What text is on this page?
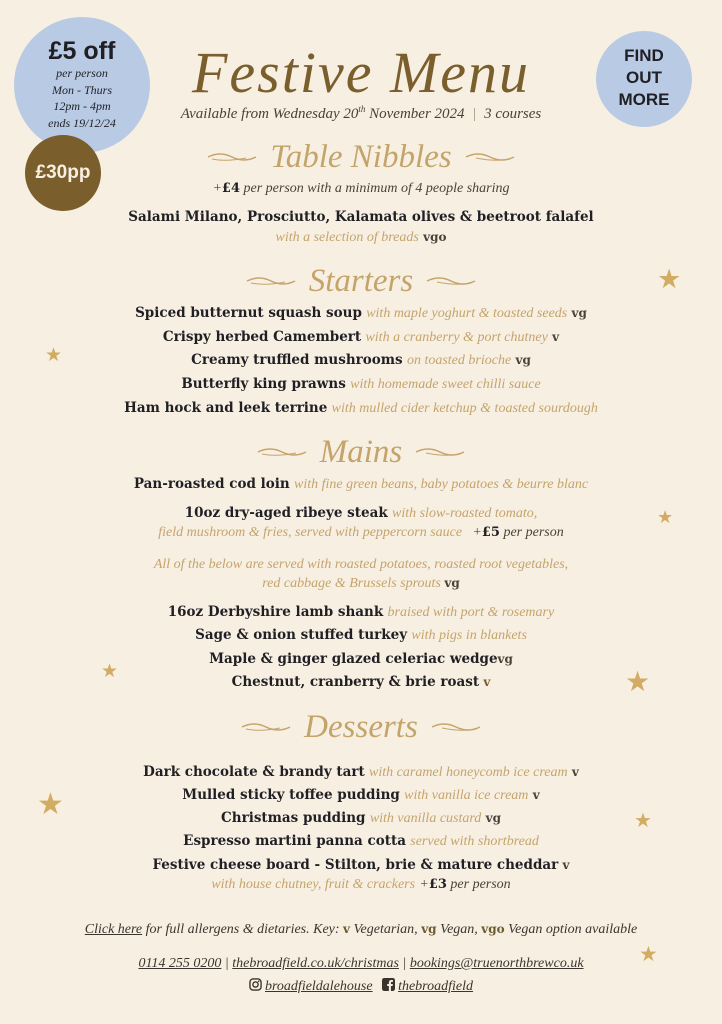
£5 off
per person
Mon - Thurs
12pm - 4pm
ends 19/12/24
£30pp
FIND
OUT
MORE
Festive Menu
Available from Wednesday 20th November 2024 | 3 courses
Table Nibbles
+£4 per person with a minimum of 4 people sharing
Salami Milano, Prosciutto, Kalamata olives & beetroot falafel
with a selection of breads vgo
Starters
Spiced butternut squash soup with maple yoghurt & toasted seeds vg
Crispy herbed Camembert with a cranberry & port chutney v
Creamy truffled mushrooms on toasted brioche vg
Butterfly king prawns with homemade sweet chilli sauce
Ham hock and leek terrine with mulled cider ketchup & toasted sourdough
Mains
Pan-roasted cod loin with fine green beans, baby potatoes & beurre blanc
10oz dry-aged ribeye steak with slow-roasted tomato,
field mushroom & fries, served with peppercorn sauce +£5 per person
All of the below are served with roasted potatoes, roasted root vegetables,
red cabbage & Brussels sprouts vg
16oz Derbyshire lamb shank braised with port & rosemary
Sage & onion stuffed turkey with pigs in blankets
Maple & ginger glazed celeriac wedgevg
Chestnut, cranberry & brie roast v
Desserts
Dark chocolate & brandy tart with caramel honeycomb ice cream v
Mulled sticky toffee pudding with vanilla ice cream v
Christmas pudding with vanilla custard vg
Espresso martini panna cotta served with shortbread
Festive cheese board - Stilton, brie & mature cheddar v
with house chutney, fruit & crackers +£3 per person
Click here for full allergens & dietaries. Key: v Vegetarian, vg Vegan, vgo Vegan option available
0114 255 0200 | thebroadfield.co.uk/christmas | bookings@truenorthbrewco.uk
broadfieldalehouse thebroadfield
★
★
★
★	★
★	★
★
